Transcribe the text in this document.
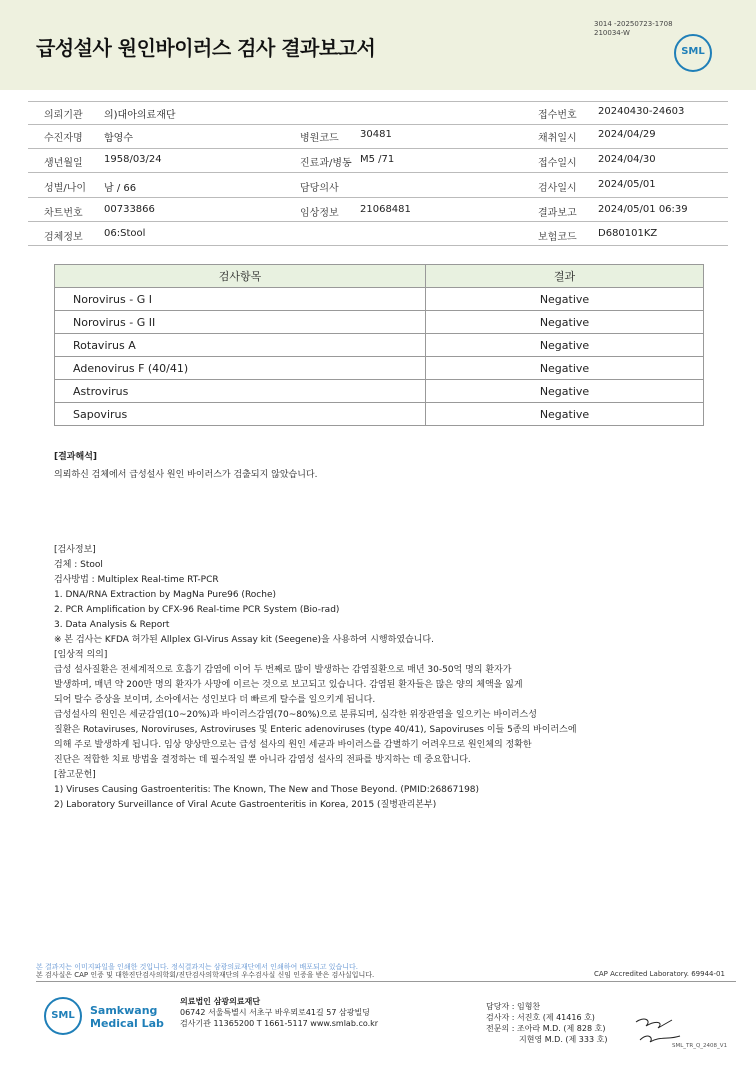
급성설사 원인바이러스 검사 결과보고서
3014 -20250723-1708
210034-W
SML
의뢰기관 의)대아의료재단	접수번호 20240430-24603
수진자명 함영수	병원코드 30481	채취일시 2024/04/29
생년월일 1958/03/24	진료과/병동 M5 /71	접수일시 2024/04/30
성별/나이 남 / 66	담당의사	검사일시 2024/05/01
차트번호 00733866	임상정보 21068481	결과보고 2024/05/01 06:39
검체정보 06:Stool	보험코드 D680101KZ
검사항목	결과
Norovirus - G I	Negative
Norovirus - G II	Negative
Rotavirus A	Negative
Adenovirus F (40/41)	Negative
Astrovirus	Negative
Sapovirus	Negative
[결과해석]
의뢰하신 검체에서 급성설사 원인 바이러스가 검출되지 않았습니다.
[검사정보]
검체 : Stool
검사방법 : Multiplex Real-time RT-PCR
1. DNA/RNA Extraction by MagNa Pure96 (Roche)
2. PCR Amplification by CFX-96 Real-time PCR System (Bio-rad)
3. Data Analysis & Report
※ 본 검사는 KFDA 허가된 Allplex GI-Virus Assay kit (Seegene)을 사용하여 시행하였습니다.
[임상적 의의]
급성 설사질환은 전세계적으로 호흡기 감염에 이어 두 번째로 많이 발생하는 감염질환으로 매년 30-50억 명의 환자가
발생하며, 매년 약 200만 명의 환자가 사망에 이르는 것으로 보고되고 있습니다. 감염된 환자들은 많은 양의 체액을 잃게
되어 탈수 증상을 보이며, 소아에서는 성인보다 더 빠르게 탈수를 일으키게 됩니다.
급성설사의 원인은 세균감염(10~20%)과 바이러스감염(70~80%)으로 분류되며, 심각한 위장관염을 일으키는 바이러스성
질환은 Rotaviruses, Noroviruses, Astroviruses 및 Enteric adenoviruses (type 40/41), Sapoviruses 이들 5종의 바이러스에
의해 주로 발생하게 됩니다. 임상 양상만으로는 급성 설사의 원인 세균과 바이러스를 감별하기 어려우므로 원인체의 정확한
진단은 적합한 치료 방법을 결정하는 데 필수적일 뿐 아니라 감염성 설사의 전파를 방지하는 데 중요합니다.
[참고문헌]
1) Viruses Causing Gastroenteritis: The Known, The New and Those Beyond. (PMID:26867198)
2) Laboratory Surveillance of Viral Acute Gastroenteritis in Korea, 2015 (질병관리본부)
본 결과지는 이미지파일을 인쇄한 것입니다. 정식결과지는 삼광의료재단에서 인쇄하여 배포되고 있습니다.
본 검사실은 CAP 인증 및 대한진단검사의학회/진단검사의학재단의 우수검사실 신임 인증을 받은 검사실입니다.	CAP Accredited Laboratory. 69944-01
SML	Samkwang
Medical Lab
의료법인 삼광의료재단
06742 서울특별시 서초구 바우뫼로41길 57 삼광빌딩
검사기관 11365200 T 1661-5117 www.smlab.co.kr
담당자 : 임형찬
검사자 : 서진호 (제 41416 호)
전문의 : 조아라 M.D. (제 828 호)
지현영 M.D. (제 333 호)
SML_TR_Q_2408_V1
